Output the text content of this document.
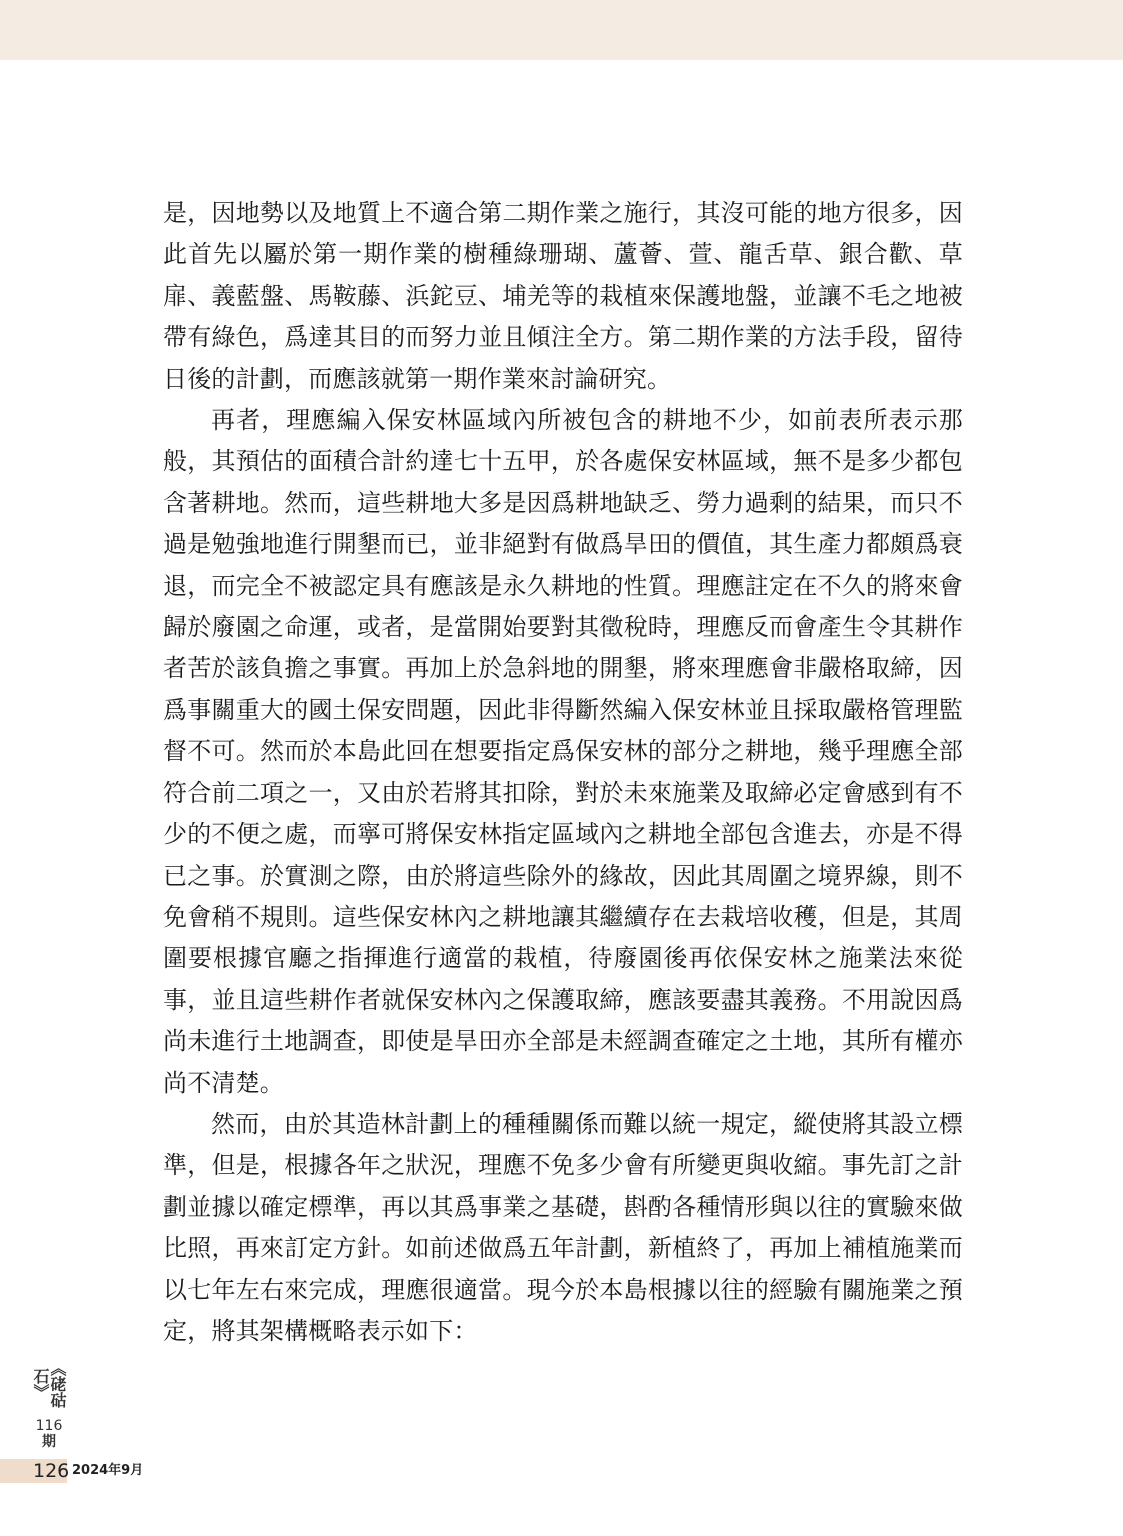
是，因地勢以及地質上不適合第二期作業之施行，其沒可能的地方很多，因此首先以屬於第一期作業的樹種綠珊瑚、蘆薈、萱、龍舌草、銀合歡、草扉、義藍盤、馬鞍藤、浜鉈豆、埔羌等的栽植來保護地盤，並讓不毛之地被帶有綠色，爲達其目的而努力並且傾注全方。第二期作業的方法手段，留待日後的計劃，而應該就第一期作業來討論研究。

再者，理應編入保安林區域內所被包含的耕地不少，如前表所表示那般，其預估的面積合計約達七十五甲，於各處保安林區域，無不是多少都包含著耕地。然而，這些耕地大多是因爲耕地缺乏、勞力過剩的結果，而只不過是勉強地進行開墾而已，並非絕對有做爲旱田的價值，其生產力都頗爲衰退，而完全不被認定具有應該是永久耕地的性質。理應註定在不久的將來會歸於廢園之命運，或者，是當開始要對其徵稅時，理應反而會產生令其耕作者苦於該負擔之事實。再加上於急斜地的開墾，將來理應會非嚴格取締，因爲事關重大的國土保安問題，因此非得斷然編入保安林並且採取嚴格管理監督不可。然而於本島此回在想要指定爲保安林的部分之耕地，幾乎理應全部符合前二項之一，又由於若將其扣除，對於未來施業及取締必定會感到有不少的不便之處，而寧可將保安林指定區域內之耕地全部包含進去，亦是不得已之事。於實測之際，由於將這些除外的緣故，因此其周圍之境界線，則不免會稍不規則。這些保安林內之耕地讓其繼續存在去栽培收穫，但是，其周圍要根據官廳之指揮進行適當的栽植，待廢園後再依保安林之施業法來從事，並且這些耕作者就保安林內之保護取締，應該要盡其義務。不用說因爲尚未進行土地調查，即使是旱田亦全部是未經調查確定之土地，其所有權亦尚不清楚。

然而，由於其造林計劃上的種種關係而難以統一規定，縱使將其設立標準，但是，根據各年之狀況，理應不免多少會有所變更與收縮。事先訂之計劃並據以確定標準，再以其爲事業之基礎，斟酌各種情形與以往的實驗來做比照，再來訂定方針。如前述做爲五年計劃，新植終了，再加上補植施業而以七年左右來完成，理應很適當。現今於本島根據以往的經驗有關施業之預定，將其架構概略表示如下：

《硓𥑮石》
116
期
126 2024年9月
